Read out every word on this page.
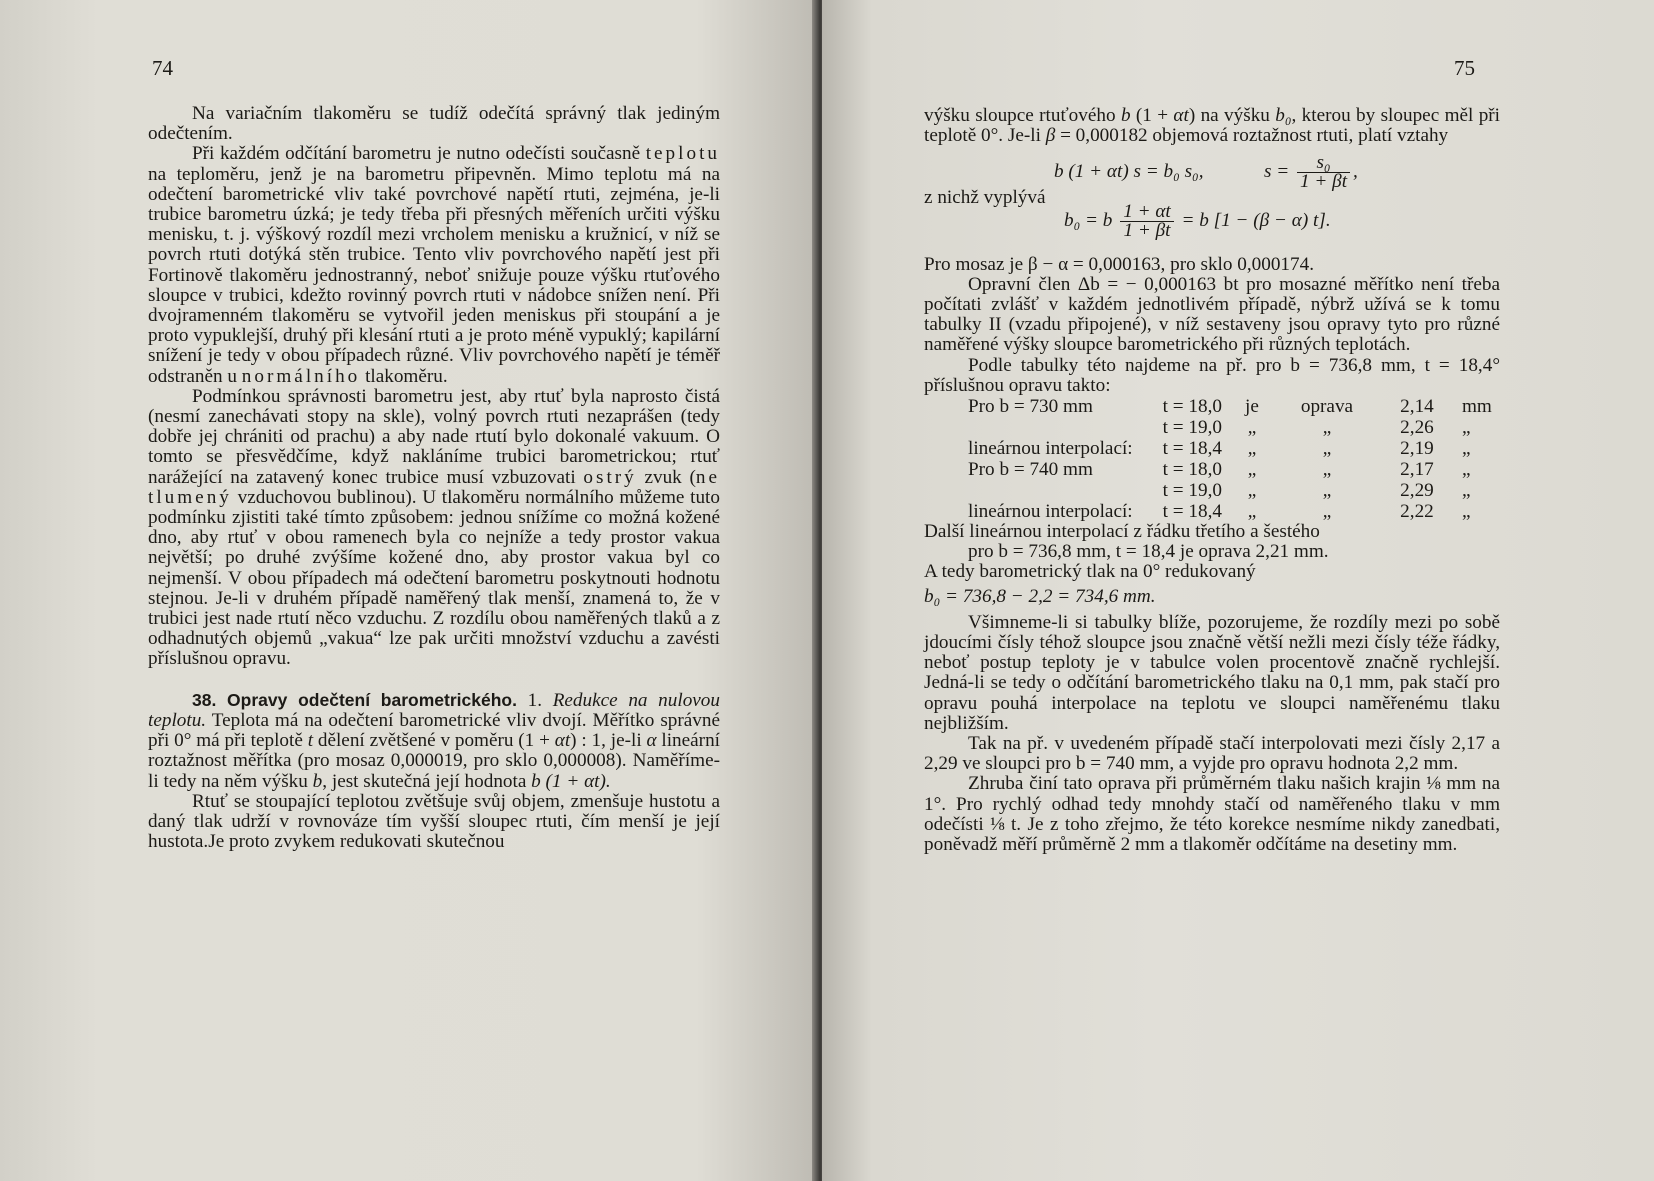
74

Na variačním tlakoměru se tudíž odečítá správný tlak jediným odečtením.

Při každém odčítání barometru je nutno odečísti současně teplotu na teploměru, jenž je na barometru připevněn. Mimo teplotu má na odečtení barometrické vliv také povrchové napětí rtuti, zejména, je-li trubice barometru úzká; je tedy třeba při přesných měřeních určiti výšku menisku, t. j. výškový rozdíl mezi vrcholem menisku a kružnicí, v níž se povrch rtuti dotýká stěn trubice. Tento vliv povrchového napětí jest při Fortinově tlakoměru jednostranný, neboť snižuje pouze výšku rtuťového sloupce v trubici, kdežto rovinný povrch rtuti v nádobce snížen není. Při dvojramenném tlakoměru se vytvořil jeden meniskus při stoupání a je proto vypuklejší, druhý při klesání rtuti a je proto méně vypuklý; kapilární snížení je tedy v obou případech různé. Vliv povrchového napětí je téměř odstraněn u normálního tlakoměru.

Podmínkou správnosti barometru jest, aby rtuť byla naprosto čistá (nesmí zanechávati stopy na skle), volný povrch rtuti nezaprášen (tedy dobře jej chrániti od prachu) a aby nade rtutí bylo dokonalé vakuum. O tomto se přesvědčíme, když nakláníme trubici barometrickou; rtuť narážející na zatavený konec trubice musí vzbuzovati ostrý zvuk (ne tlumený vzduchovou bublinou). U tlakoměru normálního můžeme tuto podmínku zjistiti také tímto způsobem: jednou snížíme co možná kožené dno, aby rtuť v obou ramenech byla co nejníže a tedy prostor vakua největší; po druhé zvýšíme kožené dno, aby prostor vakua byl co nejmenší. V obou případech má odečtení barometru poskytnouti hodnotu stejnou. Je-li v druhém případě naměřený tlak menší, znamená to, že v trubici jest nade rtutí něco vzduchu. Z rozdílu obou naměřených tlaků a z odhadnutých objemů „vakua“ lze pak určiti množství vzduchu a zavésti příslušnou opravu.

38. Opravy odečtení barometrického. 1. Redukce na nulovou teplotu. Teplota má na odečtení barometrické vliv dvojí. Měřítko správné při 0° má při teplotě t dělení zvětšené v poměru (1 + αt) : 1, je-li α lineární roztažnost měřítka (pro mosaz 0,000019, pro sklo 0,000008). Naměříme-li tedy na něm výšku b, jest skutečná její hodnota b (1 + αt).

Rtuť se stoupající teplotou zvětšuje svůj objem, zmenšuje hustotu a daný tlak udrží v rovnováze tím vyšší sloupec rtuti, čím menší je její hustota.Je proto zvykem redukovati skutečnou

75

výšku sloupce rtuťového b (1 + αt) na výšku b₀, kterou by sloupec měl při teplotě 0°. Je-li β = 0,000182 objemová roztažnost rtuti, platí vztahy

b (1 + αt) s = b₀ s₀,	$s = \frac{\text{s₀}}{1 + \beta t}$ ,

z nichž vyplývá

b₀ = b $\frac{1 + \alpha t}{1 + \beta t} = b$ [1 − (β − α) t].

Pro mosaz je β − α = 0,000163, pro sklo 0,000174.

Opravní člen Δb = − 0,000163 bt pro mosazné měřítko není třeba počítati zvlášť v každém jednotlivém případě, nýbrž užívá se k tomu tabulky II (vzadu připojené), v níž sestaveny jsou opravy tyto pro různé naměřené výšky sloupce barometrického při různých teplotách.

Podle tabulky této najdeme na př. pro b = 736,8 mm, t = 18,4° příslušnou opravu takto:

Pro b = 730 mm	t = 18,0	je	oprava	2,14	mm
	t = 19,0	„	„	2,26	„
lineárnou interpolací:	t = 18,4	„	„	2,19	„
Pro b = 740 mm	t = 18,0	„	„	2,17	„
	t = 19,0	„	„	2,29	„
lineárnou interpolací:	t = 18,4	„	„	2,22	„

Další lineárnou interpolací z řádku třetího a šestého

pro b = 736,8 mm, t = 18,4 je oprava 2,21 mm.

A tedy barometrický tlak na 0° redukovaný

b₀ = 736,8 − 2,2 = 734,6 mm.

Všimneme-li si tabulky blíže, pozorujeme, že rozdíly mezi po sobě jdoucími čísly téhož sloupce jsou značně větší nežli mezi čísly téže řádky, neboť postup teploty je v tabulce volen procentově značně rychlejší. Jedná-li se tedy o odčítání barometrického tlaku na 0,1 mm, pak stačí pro opravu pouhá interpolace na teplotu ve sloupci naměřenému tlaku nejbližším.

Tak na př. v uvedeném případě stačí interpolovati mezi čísly 2,17 a 2,29 ve sloupci pro b = 740 mm, a vyjde pro opravu hodnota 2,2 mm.

Zhruba činí tato oprava při průměrném tlaku našich krajin ⅛ mm na 1°. Pro rychlý odhad tedy mnohdy stačí od naměřeného tlaku v mm odečísti ⅛ t. Je z toho zřejmo, že této korekce nesmíme nikdy zanedbati, poněvadž měří průměrně 2 mm a tlakoměr odčítáme na desetiny mm.
